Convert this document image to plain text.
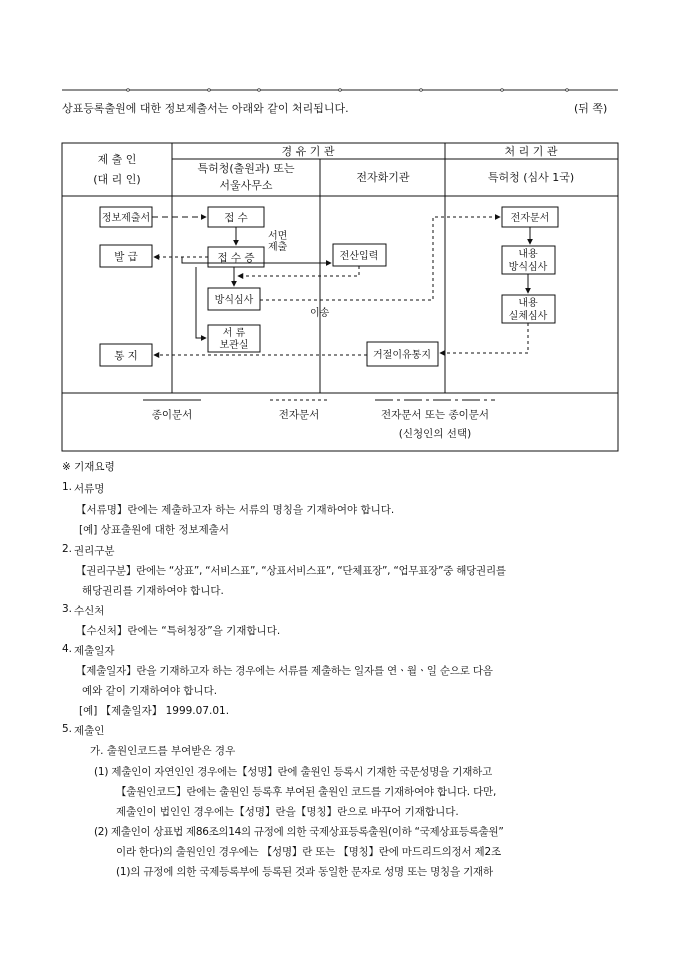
상표등록출원에 대한 정보제출서는 아래와 같이 처리됩니다.	(뒤 쪽)
제 출 인
(대 리 인)
경 유 기 관	처 리 기 관
특허청(출원과) 또는
서울사무소
전자화기관	특허청 (심사 1국)
정보제출서
발 급
통 지
접 수
접 수 증
방식심사
서 류
보관실
전산입력
거절이유통지
전자문서
내용
방식심사
내용
실체심사
서면
제출
이송
종이문서	전자문서	전자문서 또는 종이문서
(신청인의 선택)
※ 기재요령
1. 서류명
【서류명】란에는 제출하고자 하는 서류의 명칭을 기재하여야 합니다.
[예] 상표출원에 대한 정보제출서
2. 권리구분
【권리구분】란에는 “상표”, “서비스표”, “상표서비스표”, “단체표장”, “업무표장”중 해당권리를
해당권리를 기재하여야 합니다.
3. 수신처
【수신처】란에는 “특허청장”을 기재합니다.
4. 제출일자
【제출일자】란을 기재하고자 하는 경우에는 서류를 제출하는 일자를 연ㆍ월ㆍ일 순으로 다음
예와 같이 기재하여야 합니다.
[예] 【제출일자】 1999.07.01.
5. 제출인
가. 출원인코드를 부여받은 경우
(1) 제출인이 자연인인 경우에는【성명】란에 출원인 등록시 기재한 국문성명을 기재하고
【출원인코드】란에는 출원인 등록후 부여된 출원인 코드를 기재하여야 합니다. 다만,
제출인이 법인인 경우에는【성명】란을【명칭】란으로 바꾸어 기재합니다.
(2) 제출인이 상표법 제86조의14의 규정에 의한 국제상표등록출원(이하 “국제상표등록출원”
이라 한다)의 출원인인 경우에는 【성명】란 또는 【명칭】란에 마드리드의정서 제2조
(1)의 규정에 의한 국제등록부에 등록된 것과 동일한 문자로 성명 또는 명칭을 기재하
